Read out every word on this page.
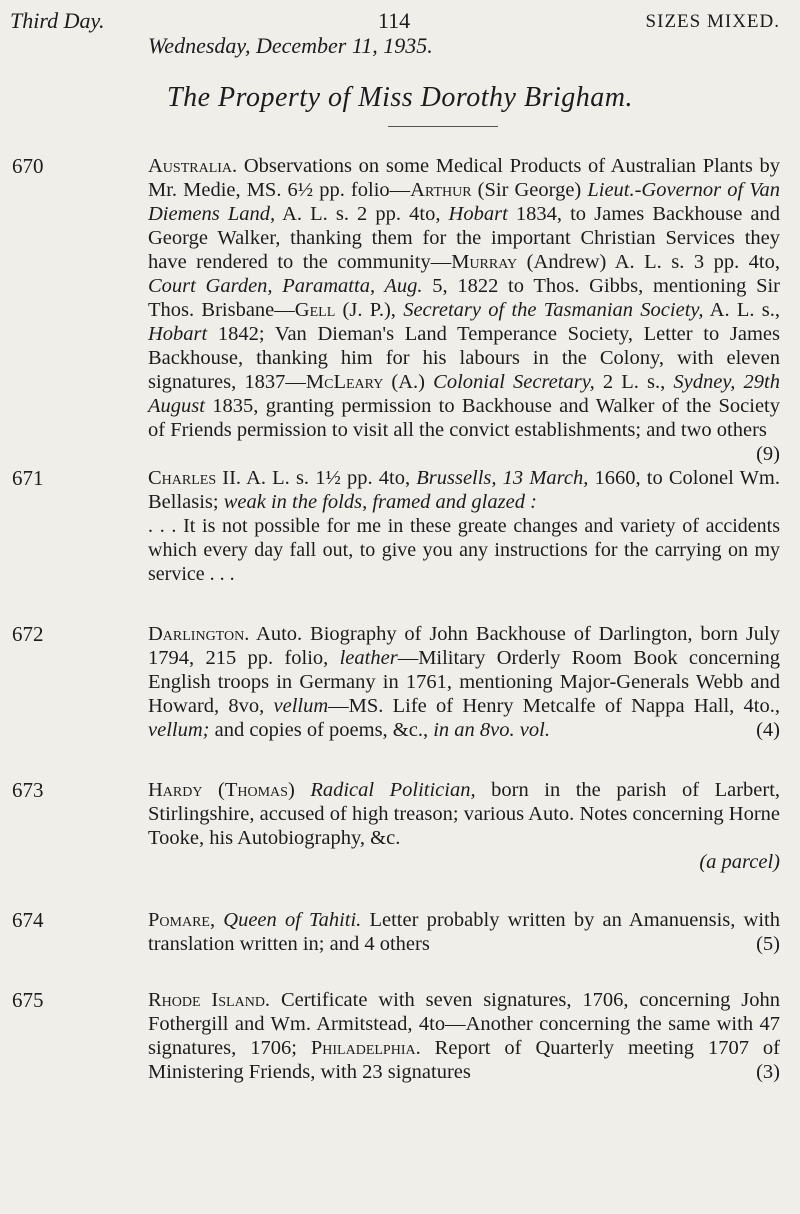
Third Day.	114	SIZES MIXED.
Wednesday, December 11, 1935.
The Property of Miss Dorothy Brigham.
670	Australia. Observations on some Medical Products of Australian Plants by Mr. Medie, MS. 6½ pp. folio—Arthur (Sir George) Lieut.-Governor of Van Diemens Land, A. L. s. 2 pp. 4to, Hobart 1834, to James Backhouse and George Walker, thanking them for the important Christian Services they have rendered to the community—Murray (Andrew) A. L. s. 3 pp. 4to, Court Garden, Paramatta, Aug. 5, 1822 to Thos. Gibbs, mentioning Sir Thos. Brisbane—Gell (J. P.), Secretary of the Tasmanian Society, A. L. s., Hobart 1842; Van Dieman's Land Temperance Society, Letter to James Backhouse, thanking him for his labours in the Colony, with eleven signatures, 1837—McLeary (A.) Colonial Secretary, 2 L. s., Sydney, 29th August 1835, granting permission to Backhouse and Walker of the Society of Friends permission to visit all the convict establishments; and two others
(9)

671	Charles II. A. L. s. 1½ pp. 4to, Brussells, 13 March, 1660, to Colonel Wm. Bellasis; weak in the folds, framed and glazed :

. . . It is not possible for me in these greate changes and variety of accidents which every day fall out, to give you any instructions for the carrying on my service . . .

672	Darlington. Auto. Biography of John Backhouse of Darlington, born July 1794, 215 pp. folio, leather—Military Orderly Room Book concerning English troops in Germany in 1761, mentioning Major-Generals Webb and Howard, 8vo, vellum—MS. Life of Henry Metcalfe of Nappa Hall, 4to., vellum; and copies of poems, &c., in an 8vo. vol.	(4)

673	Hardy (Thomas) Radical Politician, born in the parish of Larbert, Stirlingshire, accused of high treason; various Auto. Notes concerning Horne Tooke, his Autobiography, &c.
(a parcel)

674	Pomare, Queen of Tahiti. Letter probably written by an Amanuensis, with translation written in; and 4 others	(5)

675	Rhode Island. Certificate with seven signatures, 1706, concerning John Fothergill and Wm. Armitstead, 4to—Another concerning the same with 47 signatures, 1706; Philadelphia. Report of Quarterly meeting 1707 of Ministering Friends, with 23 signatures	(3)
